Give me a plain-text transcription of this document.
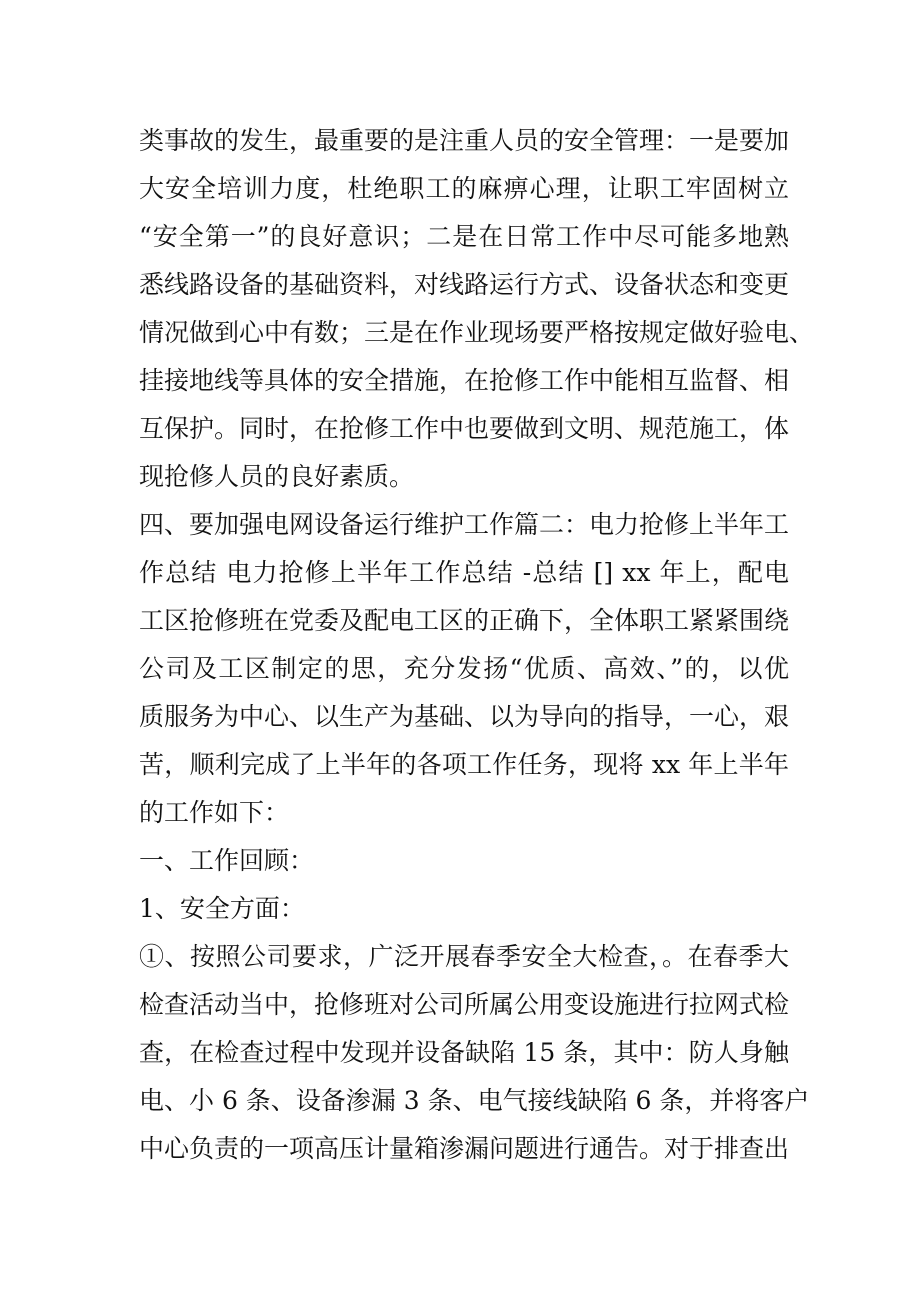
类事故的发生，最重要的是注重人员的安全管理：一是要加
大安全培训力度，杜绝职工的麻痹心理，让职工牢固树立
“安全第一”的良好意识；二是在日常工作中尽可能多地熟
悉线路设备的基础资料，对线路运行方式、设备状态和变更
情况做到心中有数；三是在作业现场要严格按规定做好验电、
挂接地线等具体的安全措施，在抢修工作中能相互监督、相
互保护。同时，在抢修工作中也要做到文明、规范施工，体
现抢修人员的良好素质。
四、要加强电网设备运行维护工作篇二：电力抢修上半年工
作总结 电力抢修上半年工作总结 -总结 [] xx 年上，配电
工区抢修班在党委及配电工区的正确下，全体职工紧紧围绕
公司及工区制定的思，充分发扬“优质、高效、”的，以优
质服务为中心、以生产为基础、以为导向的指导，一心，艰
苦，顺利完成了上半年的各项工作任务，现将 xx 年上半年
的工作如下：
一、工作回顾：
1、安全方面：
①、按照公司要求，广泛开展春季安全大检查，。在春季大
检查活动当中，抢修班对公司所属公用变设施进行拉网式检
查，在检查过程中发现并设备缺陷 15 条，其中：防人身触
电、小 6 条、设备渗漏 3 条、电气接线缺陷 6 条，并将客户
中心负责的一项高压计量箱渗漏问题进行通告。对于排查出
